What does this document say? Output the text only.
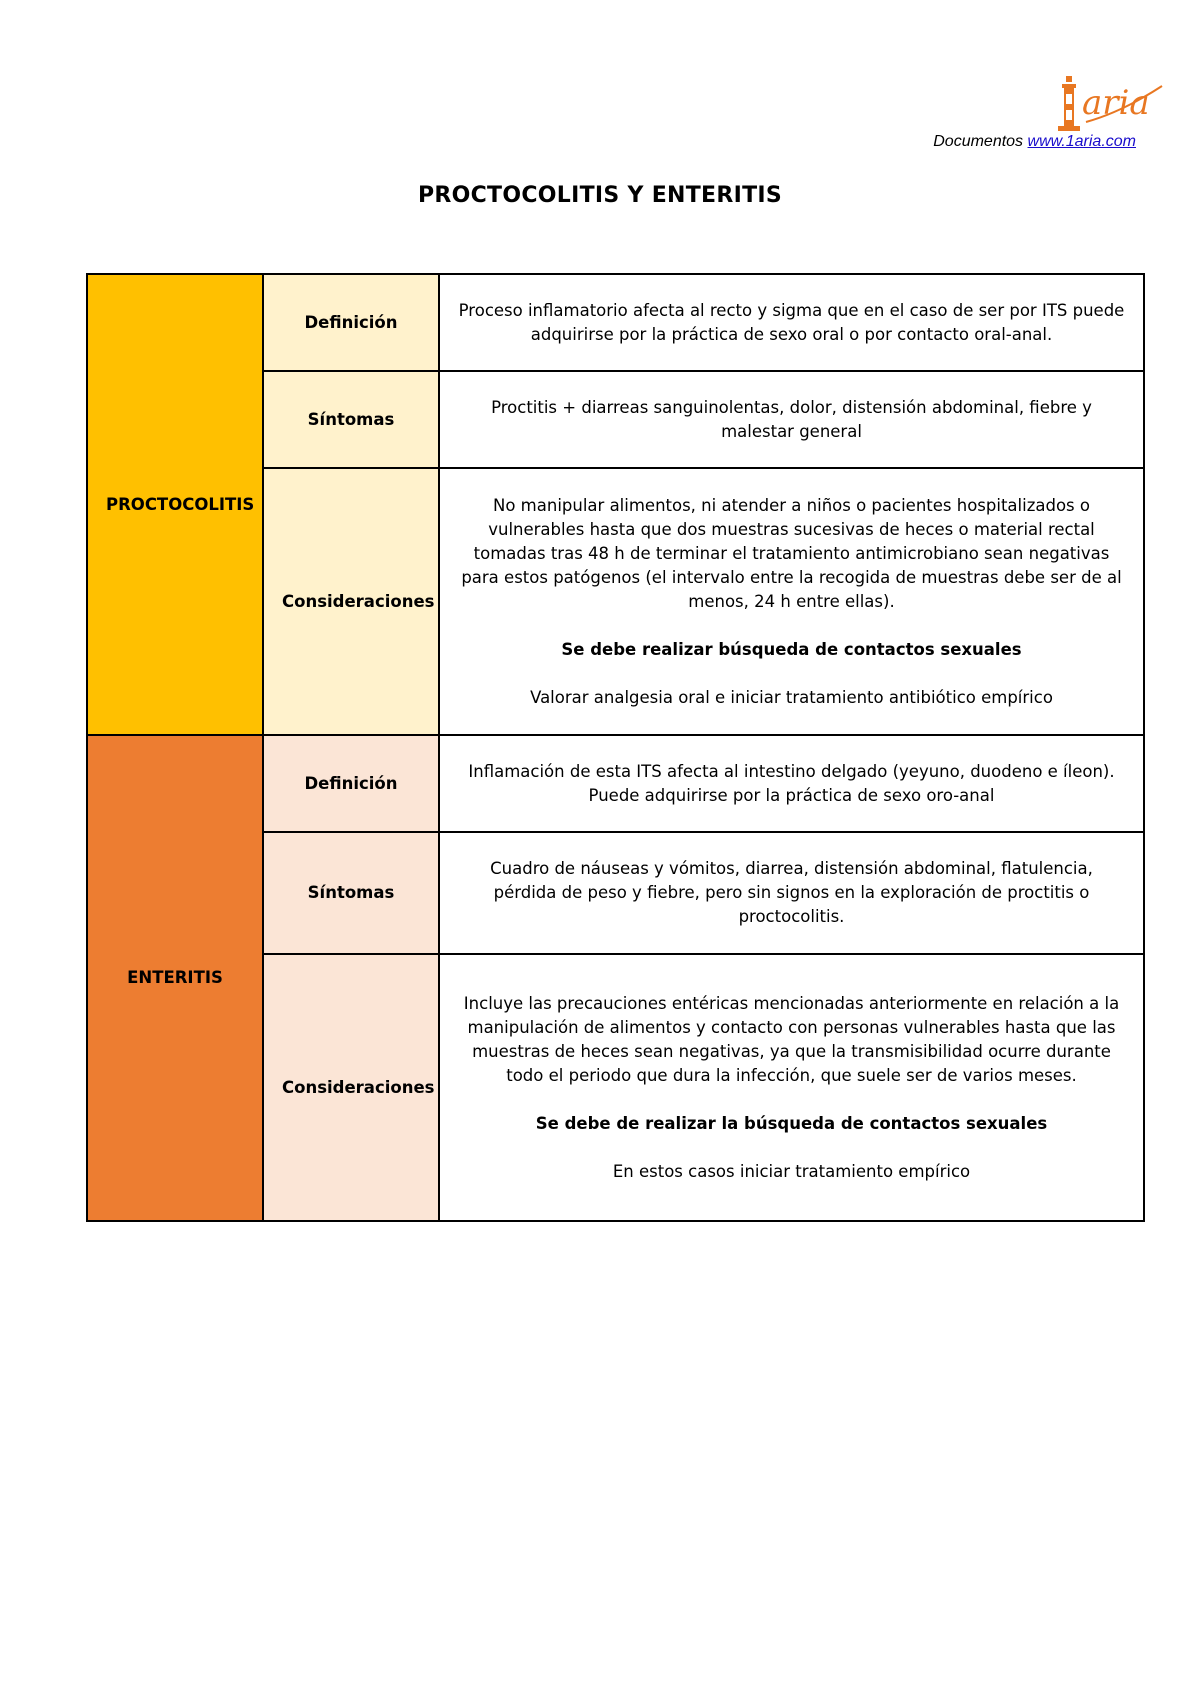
aria
Documentos www.1aria.com
PROCTOCOLITIS Y ENTERITIS
PROCTOCOLITIS	Definición	Proceso inflamatorio afecta al recto y sigma que en el caso de ser por ITS puede adquirirse por la práctica de sexo oral o por contacto oral-anal.

	Síntomas	Proctitis + diarreas sanguinolentas, dolor, distensión abdominal, fiebre y malestar general

	Consideraciones	No manipular alimentos, ni atender a niños o pacientes hospitalizados o vulnerables hasta que dos muestras sucesivas de heces o material rectal tomadas tras 48 h de terminar el tratamiento antimicrobiano sean negativas para estos patógenos (el intervalo entre la recogida de muestras debe ser de al menos, 24 h entre ellas).

Se debe realizar búsqueda de contactos sexuales

Valorar analgesia oral e iniciar tratamiento antibiótico empírico

ENTERITIS	Definición	Inflamación de esta ITS afecta al intestino delgado (yeyuno, duodeno e íleon). Puede adquirirse por la práctica de sexo oro-anal

	Síntomas	Cuadro de náuseas y vómitos, diarrea, distensión abdominal, flatulencia, pérdida de peso y fiebre, pero sin signos en la exploración de proctitis o proctocolitis.

	Consideraciones	Incluye las precauciones entéricas mencionadas anteriormente en relación a la manipulación de alimentos y contacto con personas vulnerables hasta que las muestras de heces sean negativas, ya que la transmisibilidad ocurre durante todo el periodo que dura la infección, que suele ser de varios meses.

Se debe de realizar la búsqueda de contactos sexuales

En estos casos iniciar tratamiento empírico
